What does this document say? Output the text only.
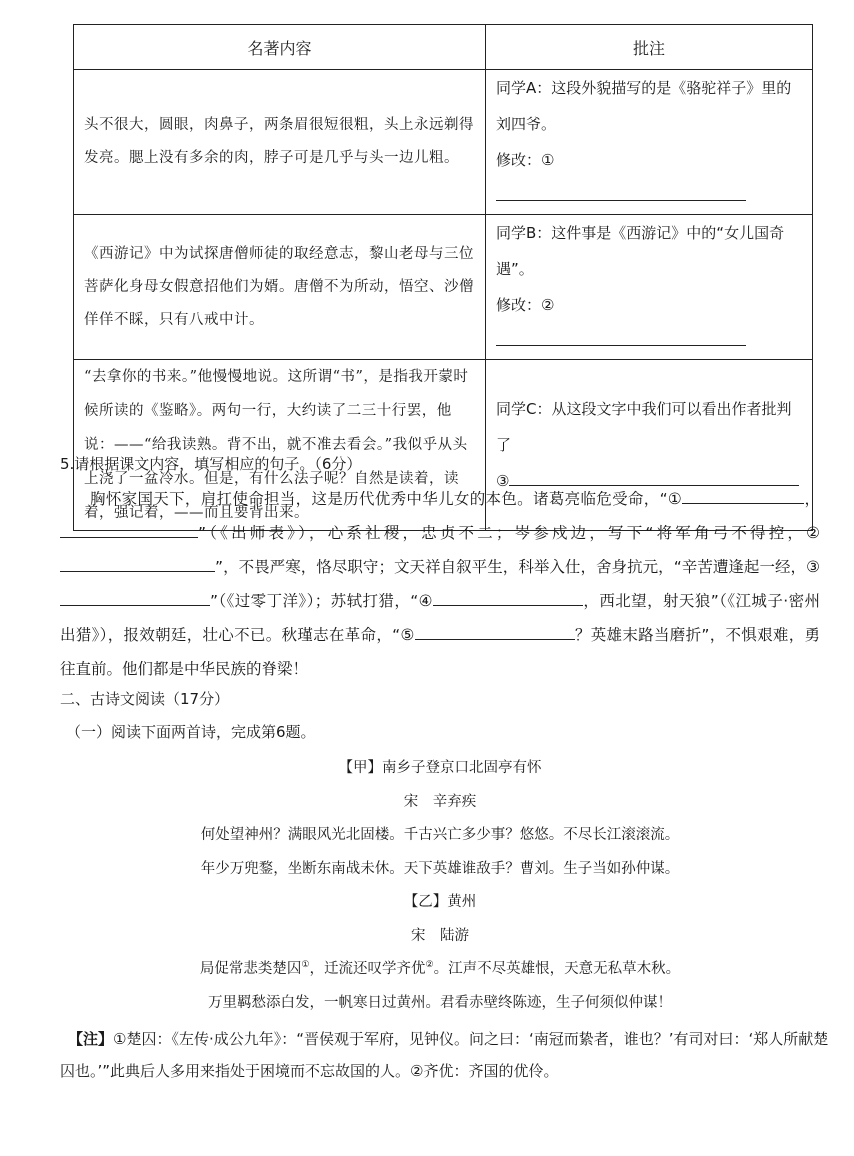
名著内容	批注
头不很大，圆眼，肉鼻子，两条眉很短很粗，头上永远剃得发亮。腮上没有多余的肉，脖子可是几乎与头一边儿粗。	同学A：这段外貌描写的是《骆驼祥子》里的刘四爷。
修改：①

《西游记》中为试探唐僧师徒的取经意志，黎山老母与三位菩萨化身母女假意招他们为婿。唐僧不为所动，悟空、沙僧佯佯不睬，只有八戒中计。	同学B：这件事是《西游记》中的“女儿国奇遇”。
修改：②

“去拿你的书来。”他慢慢地说。这所谓“书”，是指我开蒙时候所读的《鉴略》。两句一行，大约读了二三十行罢，他说：——“给我读熟。背不出，就不准去看会。”我似乎从头上浇了一盆冷水。但是，有什么法子呢？自然是读着，读着，强记着，——而且要背出来。	同学C：从这段文字中我们可以看出作者批判了
③
5.请根据课文内容，填写相应的句子。（6分）
胸怀家国天下，肩扛使命担当，这是历代优秀中华儿女的本色。诸葛亮临危受命，“①	，”（《出师表》），心系社稷，忠贞不二；岑参戍边，写下“将军角弓不得控，②”，不畏严寒，恪尽职守；文天祥自叙平生，科举入仕，舍身抗元，“辛苦遭逢起一经，③”（《过零丁洋》）；苏轼打猎，“④	，西北望，射天狼”（《江城子·密州出猎》），报效朝廷，壮心不已。秋瑾志在革命，“⑤	？英雄末路当磨折”，不惧艰难，勇往直前。他们都是中华民族的脊梁！
二、古诗文阅读（17分）
（一）阅读下面两首诗，完成第6题。
【甲】南乡子登京口北固亭有怀
宋　辛弃疾
何处望神州？满眼风光北固楼。千古兴亡多少事？悠悠。不尽长江滚滚流。
年少万兜鍪，坐断东南战未休。天下英雄谁敌手？曹刘。生子当如孙仲谋。
【乙】黄州
宋　陆游
局促常悲类楚囚①，迁流还叹学齐优②。江声不尽英雄恨，天意无私草木秋。
万里羁愁添白发，一帆寒日过黄州。君看赤壁终陈迹，生子何须似仲谋！
【注】①楚囚：《左传·成公九年》：“晋侯观于军府，见钟仪。问之曰：‘南冠而絷者，谁也？’有司对曰：‘郑人所献楚囚也。’”此典后人多用来指处于困境而不忘故国的人。②齐优：齐国的优伶。
